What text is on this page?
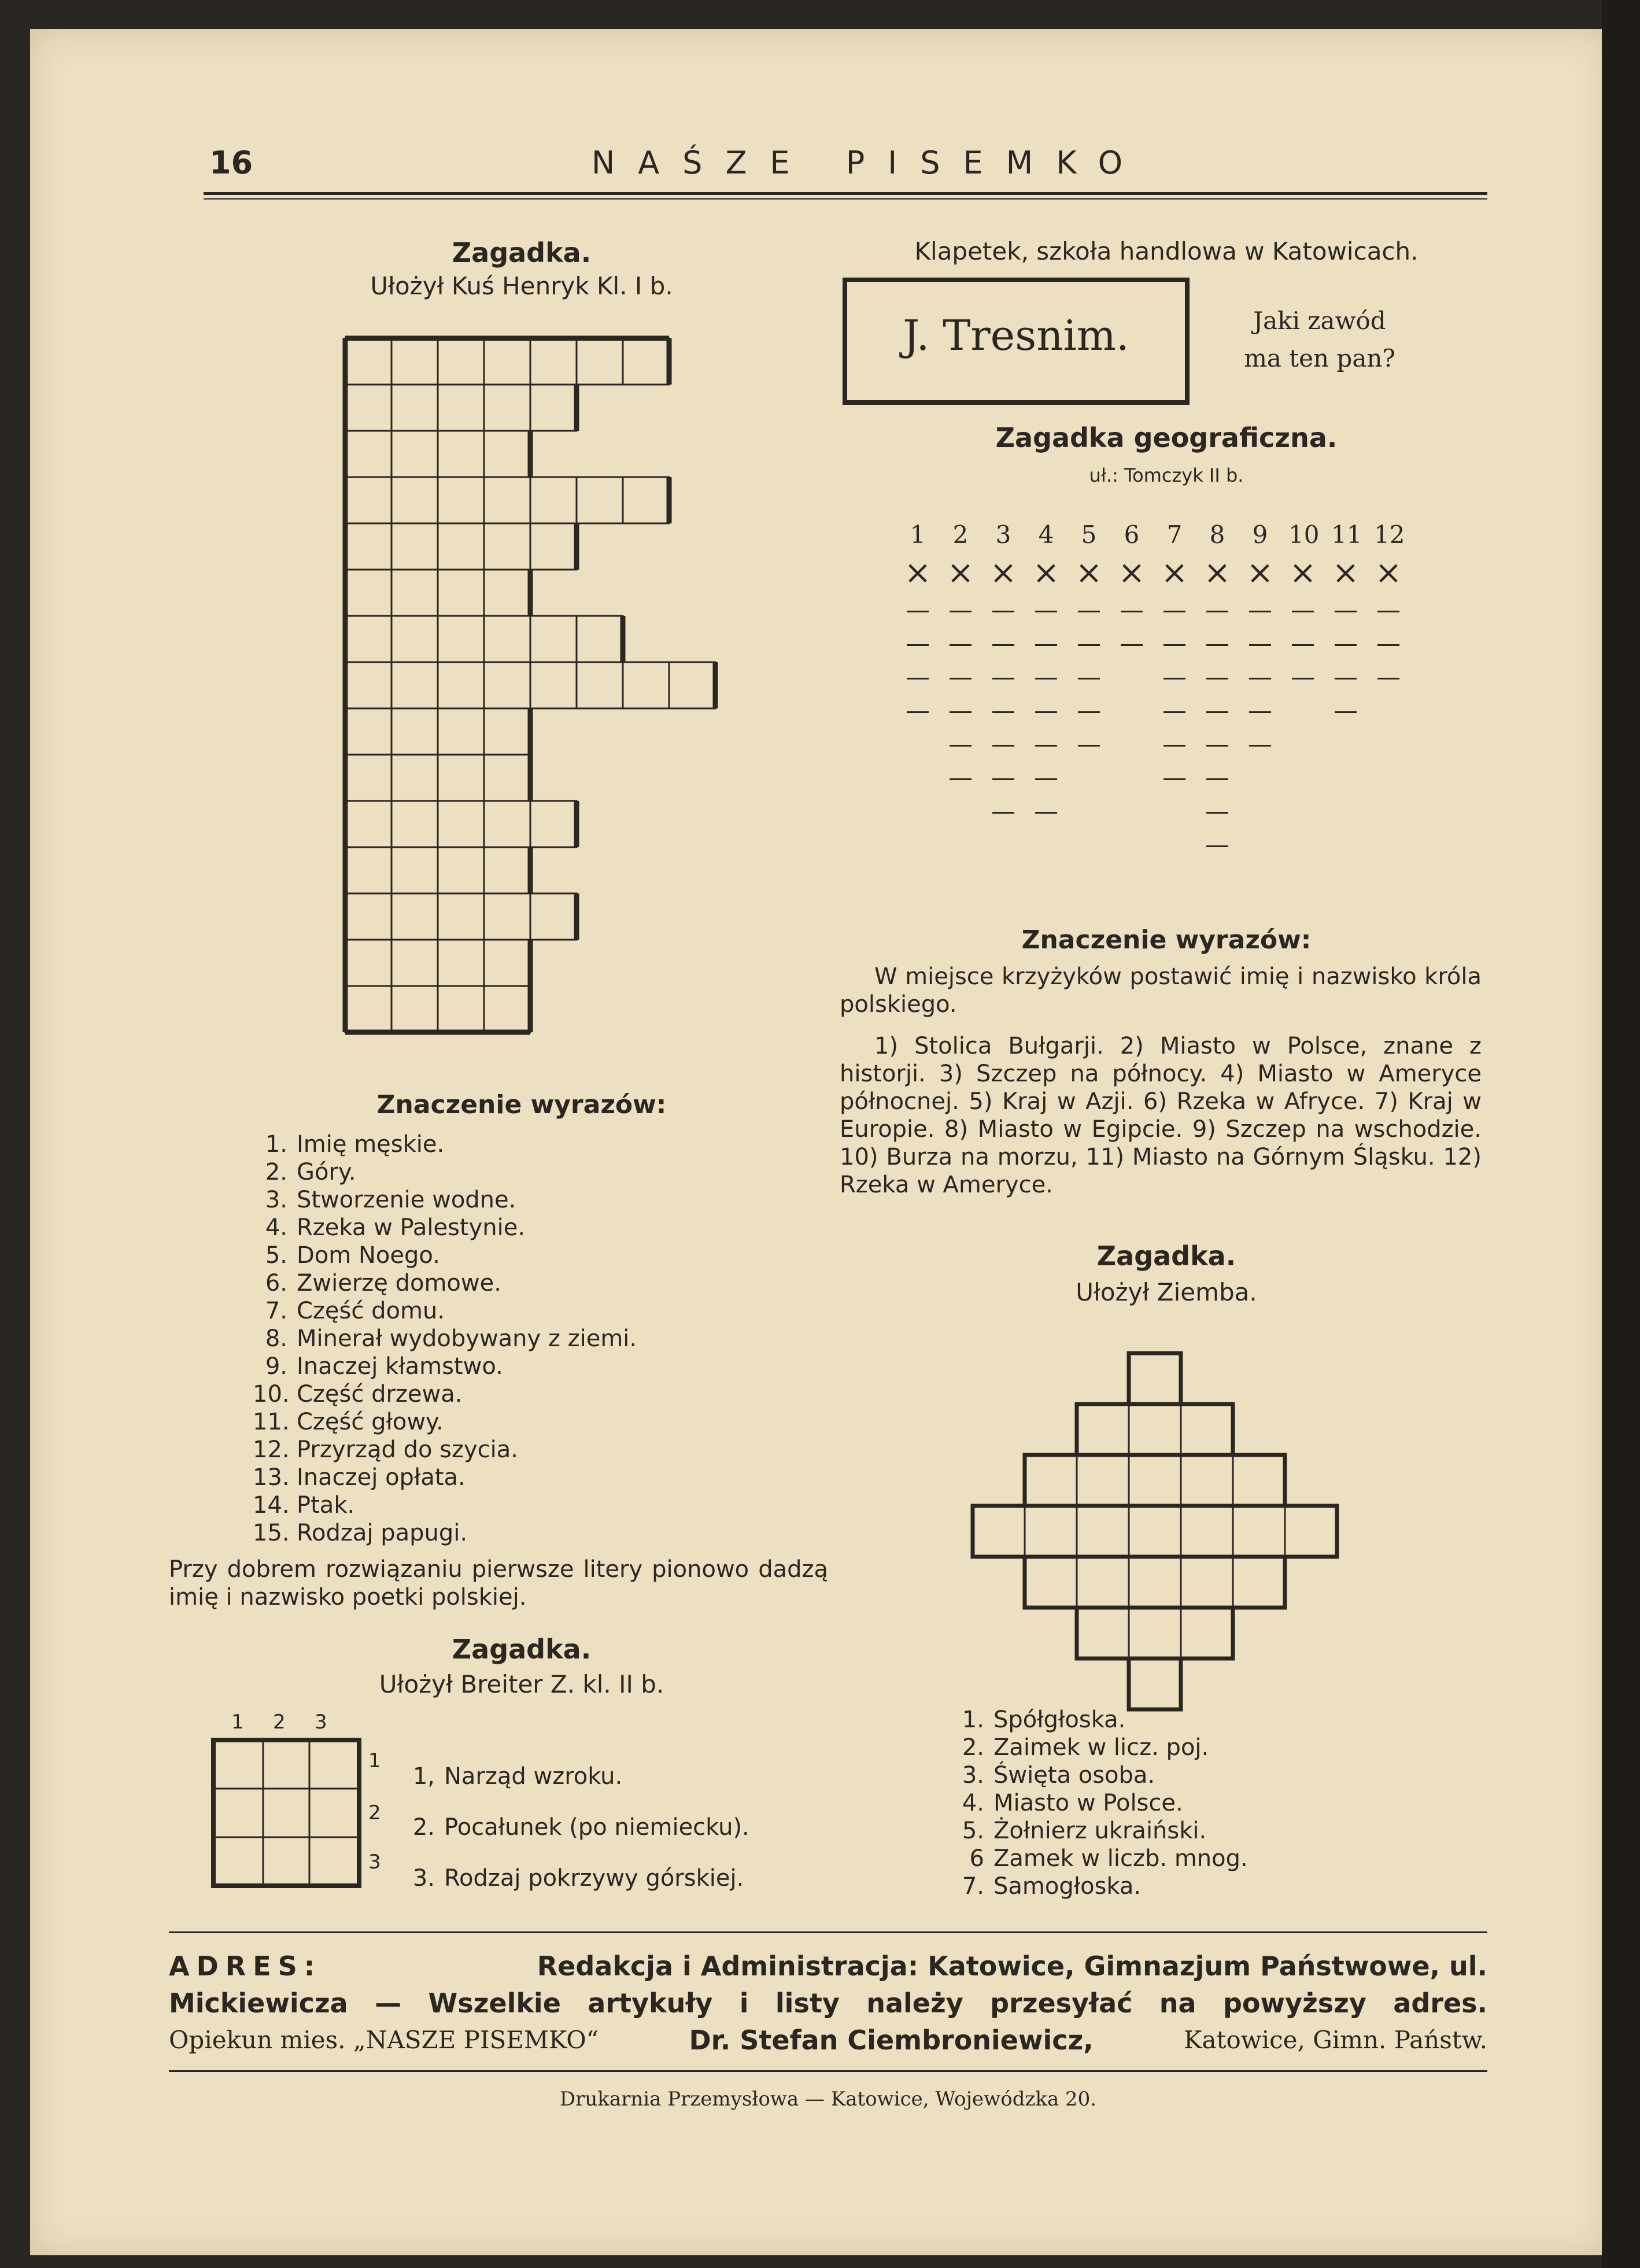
16	NAŚZE PISEMKO
Zagadka.
Ułożył Kuś Henryk Kl. I b.
Znaczenie wyrazów:
1. Imię męskie.
2. Góry.
3. Stworzenie wodne.
4. Rzeka w Palestynie.
5. Dom Noego.
6. Zwierzę domowe.
7. Część domu.
8. Minerał wydobywany z ziemi.
9. Inaczej kłamstwo.
10. Część drzewa.
11. Część głowy.
12. Przyrząd do szycia.
13. Inaczej opłata.
14. Ptak.
15. Rodzaj papugi.
Przy dobrem rozwiązaniu pierwsze litery pionowo dadzą imię i nazwisko poetki polskiej.
Zagadka.
Ułożył Breiter Z. kl. II b.
1 2 3
1
2
3
1, Narząd wzroku.
2. Pocałunek (po niemiecku).
3. Rodzaj pokrzywy górskiej.
Klapetek, szkoła handlowa w Katowicach.
J. Tresnim.	Jaki zawód
ma ten pan?
Zagadka geograficzna.
uł.: Tomczyk II b.
1 2 3 4 5 6 7 8 9 10 11 12
× × × × × × × × × × × ×
Znaczenie wyrazów:
W miejsce krzyżyków postawić imię i nazwisko króla polskiego.
1) Stolica Bułgarji. 2) Miasto w Polsce, znane z historji. 3) Szczep na północy. 4) Miasto w Ameryce północnej. 5) Kraj w Azji. 6) Rzeka w Afryce. 7) Kraj w Europie. 8) Miasto w Egipcie. 9) Szczep na wschodzie. 10) Burza na morzu, 11) Miasto na Górnym Śląsku. 12) Rzeka w Ameryce.
Zagadka.
Ułożył Ziemba.
1. Spółgłoska.
2. Zaimek w licz. poj.
3. Święta osoba.
4. Miasto w Polsce.
5. Żołnierz ukraiński.
6 Zamek w liczb. mnog.
7. Samogłoska.
ADRES:	Redakcja i Administracja: Katowice, Gimnazjum Państwowe, ul.
Mickiewicza — Wszelkie artykuły i listy należy przesyłać na powyższy adres.
Opiekun mies. „NASZE PISEMKO“	Dr. Stefan Ciembroniewicz,	Katowice, Gimn. Państw.
Drukarnia Przemysłowa — Katowice, Wojewódzka 20.
